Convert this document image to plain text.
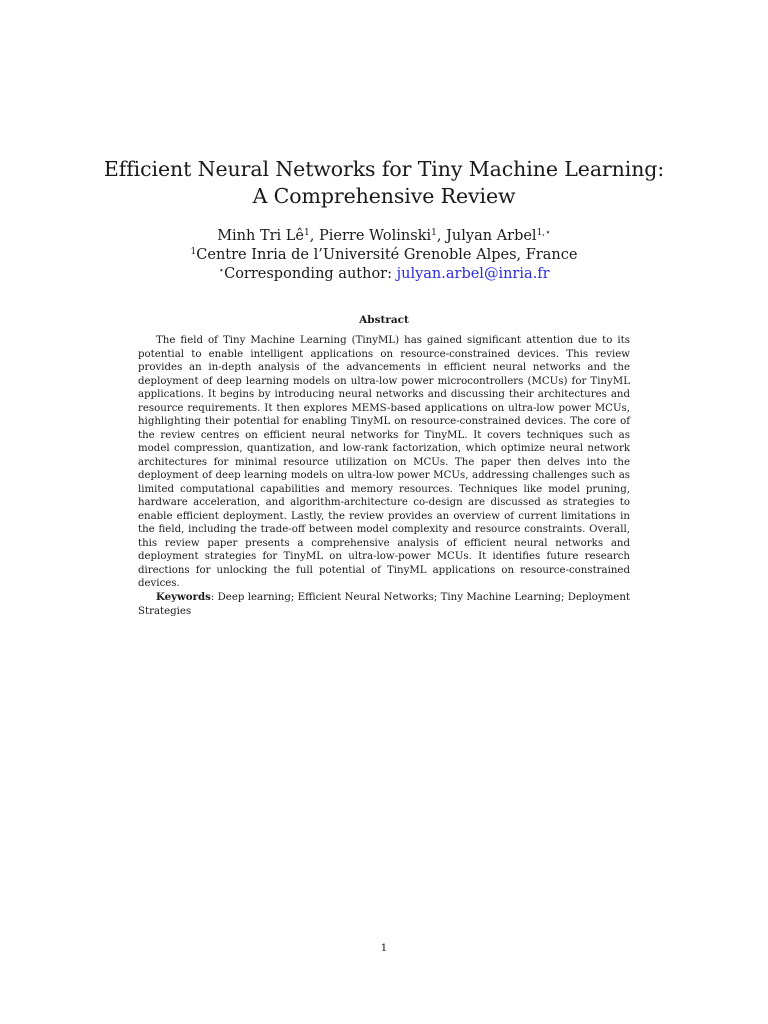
Efficient Neural Networks for Tiny Machine Learning:
A Comprehensive Review
Minh Tri $Lê^1$, Pierre Wolinski$^1$, Julyan Arbel$^{1,⋆}$
$^1$Centre Inria de l’Université Grenoble Alpes, France
⋆Corresponding author: julyan.arbel@inria.fr
Abstract

The field of Tiny Machine Learning (TinyML) has gained significant attention due to its potential to enable intelligent applications on resource-constrained devices. This review provides an in-depth analysis of the advancements in efficient neural networks and the deployment of deep learning models on ultra-low power microcontrollers (MCUs) for TinyML applications. It begins by introducing neural networks and discussing their architectures and resource requirements. It then explores MEMS-based applications on ultra-low power MCUs, highlighting their potential for enabling TinyML on resource-constrained devices. The core of the review centres on efficient neural networks for TinyML. It covers techniques such as model compression, quantization, and low-rank factorization, which optimize neural network architectures for minimal resource utilization on MCUs. The paper then delves into the deployment of deep learning models on ultra-low power MCUs, addressing challenges such as limited computational capabilities and memory resources. Techniques like model pruning, hardware acceleration, and algorithm-architecture co-design are discussed as strategies to enable efficient deployment. Lastly, the review provides an overview of current limitations in the field, including the trade-off between model complexity and resource constraints. Overall, this review paper presents a comprehensive analysis of efficient neural networks and deployment strategies for TinyML on ultra-low-power MCUs. It identifies future research directions for unlocking the full potential of TinyML applications on resource-constrained devices.

Keywords: Deep learning; Efficient Neural Networks; Tiny Machine Learning; Deployment Strategies

1
